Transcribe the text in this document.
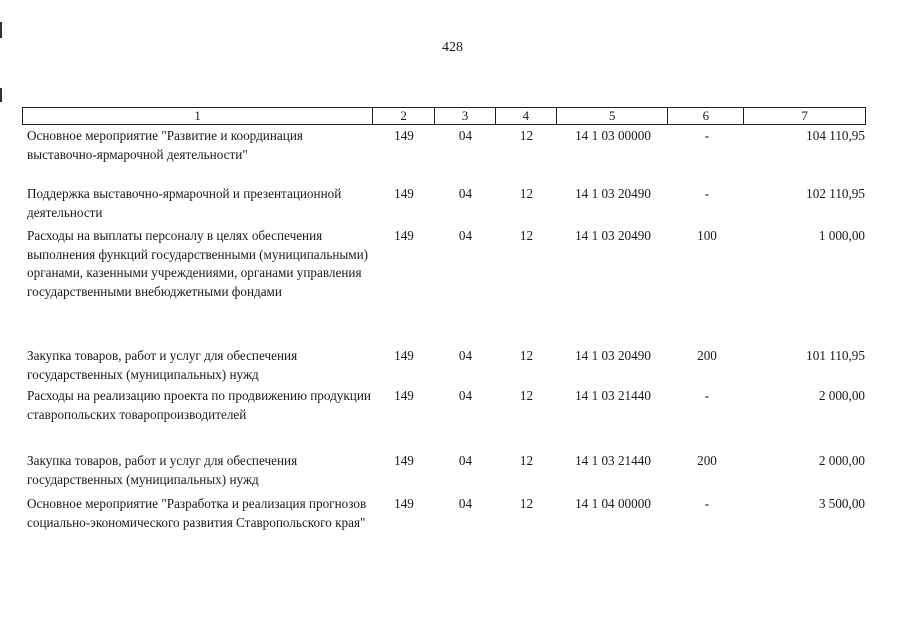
428
1	2	3	4	5	6	7
Основное мероприятие "Развитие и координация выставочно-ярмарочной деятельности"
149	04	12	14 1 03 00000	-	104 110,95
Поддержка выставочно-ярмарочной и презентационной деятельности
149	04	12	14 1 03 20490	-	102 110,95
Расходы на выплаты персоналу в целях обеспечения выполнения функций государственными (муниципальными) органами, казенными учреждениями, органами управления государственными внебюджетными фондами
149	04	12	14 1 03 20490	100	1 000,00
Закупка товаров, работ и услуг для обеспечения государственных (муниципальных) нужд
149	04	12	14 1 03 20490	200	101 110,95
Расходы на реализацию проекта по продвижению продукции ставропольских товаропроизводителей
149	04	12	14 1 03 21440	-	2 000,00
Закупка товаров, работ и услуг для обеспечения государственных (муниципальных) нужд
149	04	12	14 1 03 21440	200	2 000,00
Основное мероприятие "Разработка и реализация прогнозов социально-экономического развития Ставропольского края"
149	04	12	14 1 04 00000	-	3 500,00
